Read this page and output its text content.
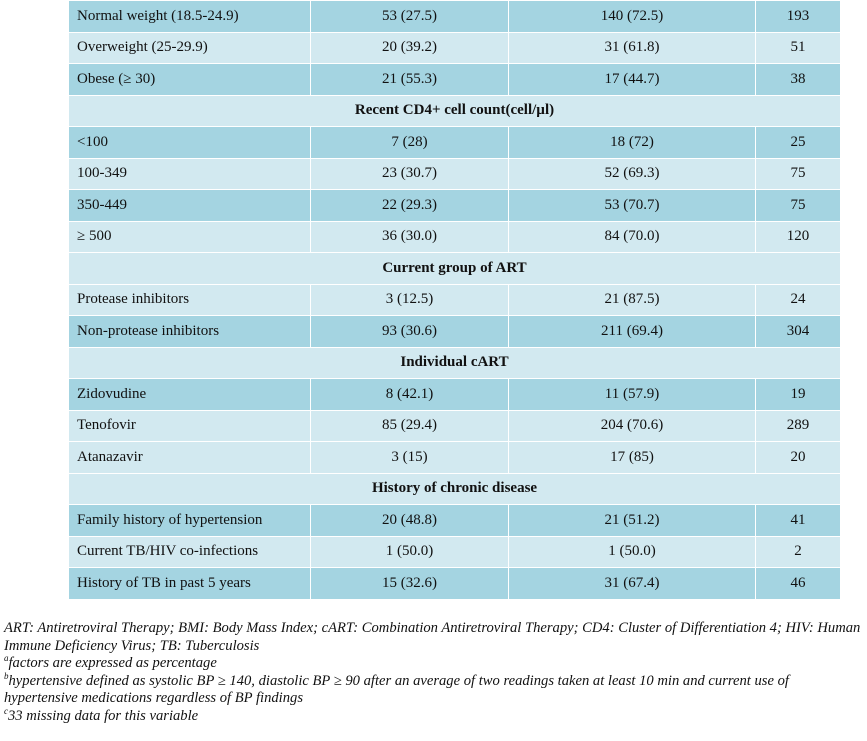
Normal weight (18.5-24.9)	53 (27.5)	140 (72.5)	193
Overweight (25-29.9)	20 (39.2)	31 (61.8)	51
Obese (≥ 30)	21 (55.3)	17 (44.7)	38
Recent CD4+ cell count(cell/µl)			
<100	7 (28)	18 (72)	25
100-349	23 (30.7)	52 (69.3)	75
350-449	22 (29.3)	53 (70.7)	75
≥ 500	36 (30.0)	84 (70.0)	120
Current group of ART			
Protease inhibitors	3 (12.5)	21 (87.5)	24
Non-protease inhibitors	93 (30.6)	211 (69.4)	304
Individual cART			
Zidovudine	8 (42.1)	11 (57.9)	19
Tenofovir	85 (29.4)	204 (70.6)	289
Atanazavir	3 (15)	17 (85)	20
History of chronic disease			
Family history of hypertension	20 (48.8)	21 (51.2)	41
Current TB/HIV co-infections	1 (50.0)	1 (50.0)	2
History of TB in past 5 years	15 (32.6)	31 (67.4)	46

ART: Antiretroviral Therapy; BMI: Body Mass Index; cART: Combination Antiretroviral Therapy; CD4: Cluster of Differentiation 4; HIV: Human Immune Deficiency Virus; TB: Tuberculosis

$^a$factors are expressed as percentage

$^b$hypertensive defined as systolic BP ≥ 140, diastolic BP ≥ 90 after an average of two readings taken at least 10 min and current use of hypertensive medications regardless of BP findings

$^c$33 missing data for this variable
